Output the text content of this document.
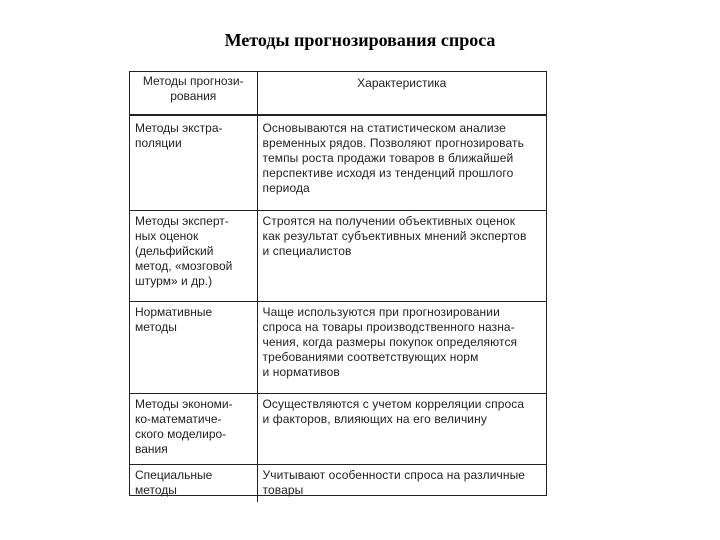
Методы прогнозирования спроса
Методы прогнози-
рования	Характеристика

Методы экстра-
поляции	Основываются на статистическом анализе
временных рядов. Позволяют прогнозировать
темпы роста продажи товаров в ближайшей
перспективе исходя из тенденций прошлого
периода

Методы эксперт-
ных оценок
(дельфийский
метод, «мозговой
штурм» и др.)	Строятся на получении объективных оценок
как результат субъективных мнений экспертов
и специалистов

Нормативные
методы	Чаще используются при прогнозировании
спроса на товары производственного назна-
чения, когда размеры покупок определяются
требованиями соответствующих норм
и нормативов

Методы экономи-
ко-математиче-
ского моделиро-
вания	Осуществляются с учетом корреляции спроса
и факторов, влияющих на его величину

Специальные
методы	Учитывают особенности спроса на различные
товары
